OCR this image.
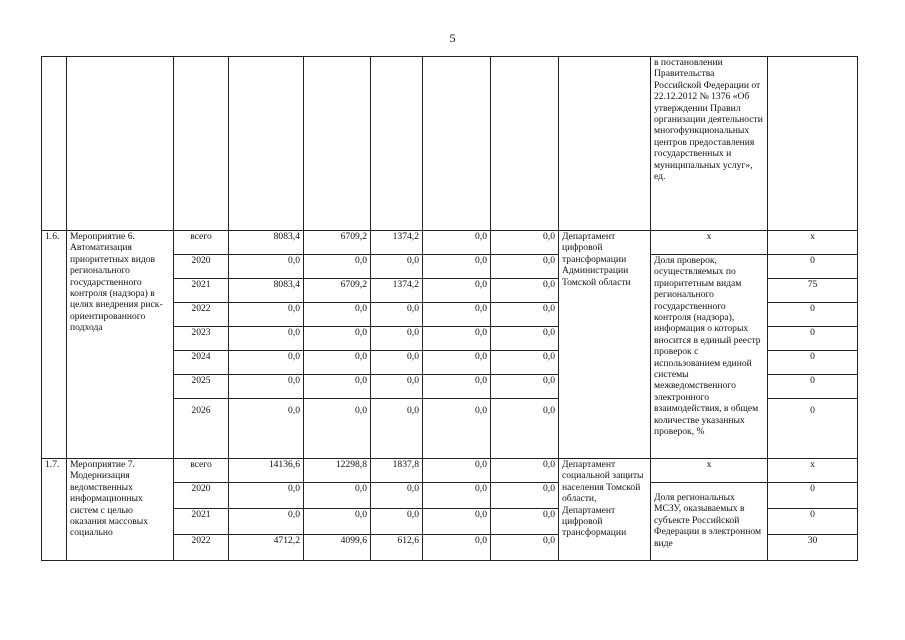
5
									в постановлении Правительства Российской Федерации от 22.12.2012 № 1376 «Об утверждении Правил организации деятельности многофункциональных центров предоставления государственных и муниципальных услуг», ед.	
1.6.	Мероприятие 6. Автоматизация приоритетных видов регионального государственного контроля (надзора) в целях внедрения риск-ориентированного подхода	всего	8083,4	6709,2	1374,2	0,0	0,0	Департамент цифровой трансформации Администрации Томской области	х	х
		2020	0,0	0,0	0,0	0,0	0,0		Доля проверок, осуществляемых по приоритетным видам регионального государственного контроля (надзора), информация о которых вносится в единый реестр проверок с использованием единой системы межведомственного электронного взаимодействия, в общем количестве указанных проверок, %	0
		2021	8083,4	6709,2	1374,2	0,0	0,0			75
		2022	0,0	0,0	0,0	0,0	0,0			0
		2023	0,0	0,0	0,0	0,0	0,0			0
		2024	0,0	0,0	0,0	0,0	0,0			0
		2025	0,0	0,0	0,0	0,0	0,0			0
		2026	0,0	0,0	0,0	0,0	0,0			0
1.7.	Мероприятие 7. Модернизация ведомственных информационных систем с целью оказания массовых социально	всего	14136,6	12298,8	1837,8	0,0	0,0	Департамент социальной защиты населения Томской области, Департамент цифровой трансформации	х	х
		2020	0,0	0,0	0,0	0,0	0,0		Доля региональных МСЗУ, оказываемых в субъекте Российской Федерации в электронном виде	0
		2021	0,0	0,0	0,0	0,0	0,0			0
		2022	4712,2	4099,6	612,6	0,0	0,0			30
